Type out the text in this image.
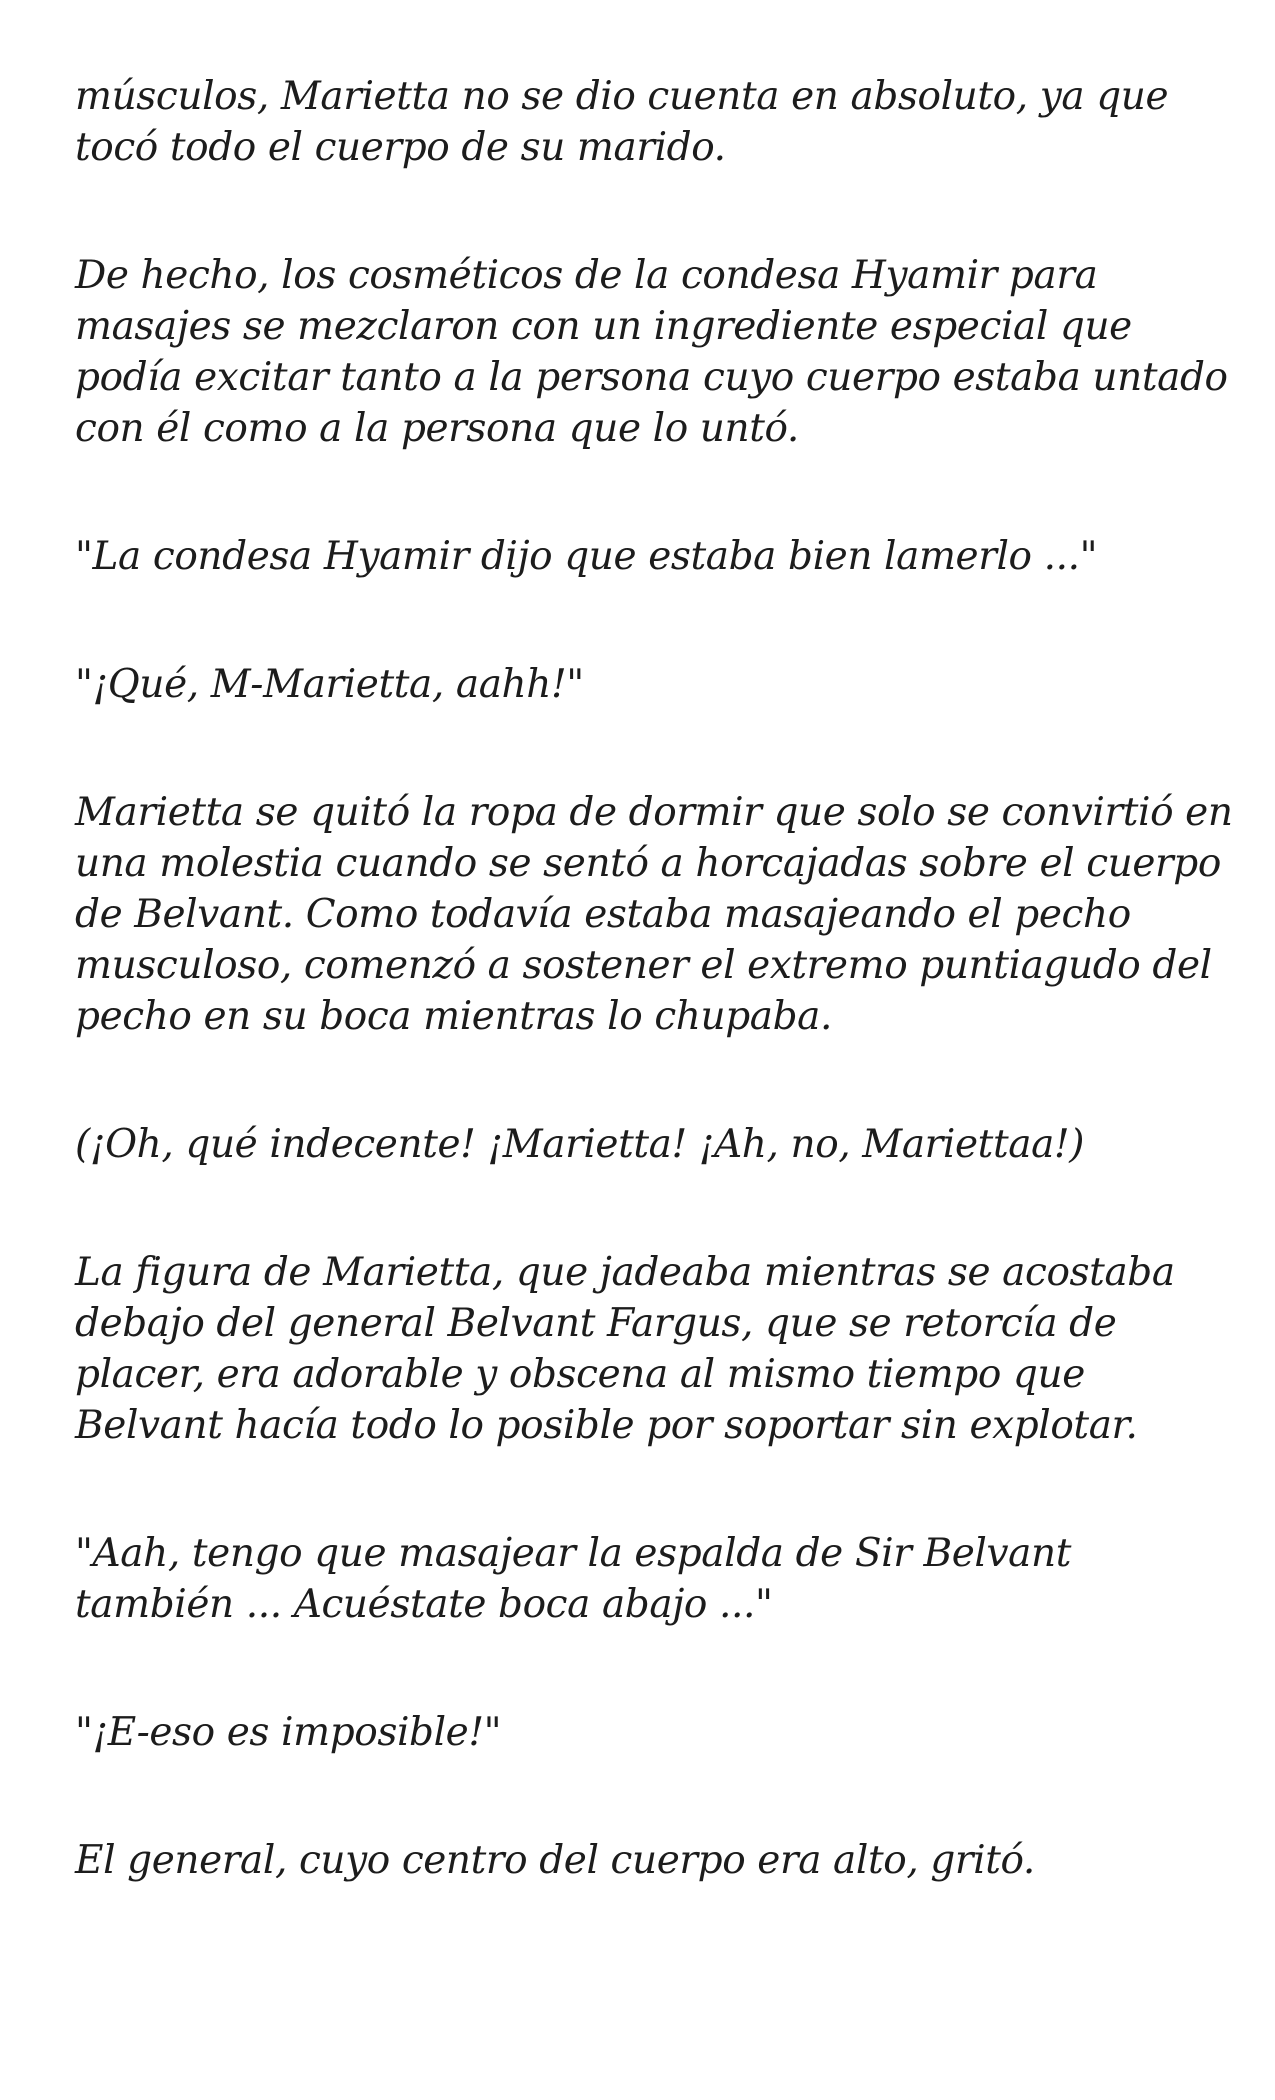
músculos, Marietta no se dio cuenta en absoluto, ya que tocó todo el cuerpo de su marido.

De hecho, los cosméticos de la condesa Hyamir para masajes se mezclaron con un ingrediente especial que podía excitar tanto a la persona cuyo cuerpo estaba untado con él como a la persona que lo untó.

"La condesa Hyamir dijo que estaba bien lamerlo ..."

"¡Qué, M-Marietta, aahh!"

Marietta se quitó la ropa de dormir que solo se convirtió en una molestia cuando se sentó a horcajadas sobre el cuerpo de Belvant. Como todavía estaba masajeando el pecho musculoso, comenzó a sostener el extremo puntiagudo del pecho en su boca mientras lo chupaba.

(¡Oh, qué indecente! ¡Marietta! ¡Ah, no, Mariettaa!)

La figura de Marietta, que jadeaba mientras se acostaba debajo del general Belvant Fargus, que se retorcía de placer, era adorable y obscena al mismo tiempo que Belvant hacía todo lo posible por soportar sin explotar.

"Aah, tengo que masajear la espalda de Sir Belvant también ... Acuéstate boca abajo ..."

"¡E-eso es imposible!"

El general, cuyo centro del cuerpo era alto, gritó.
